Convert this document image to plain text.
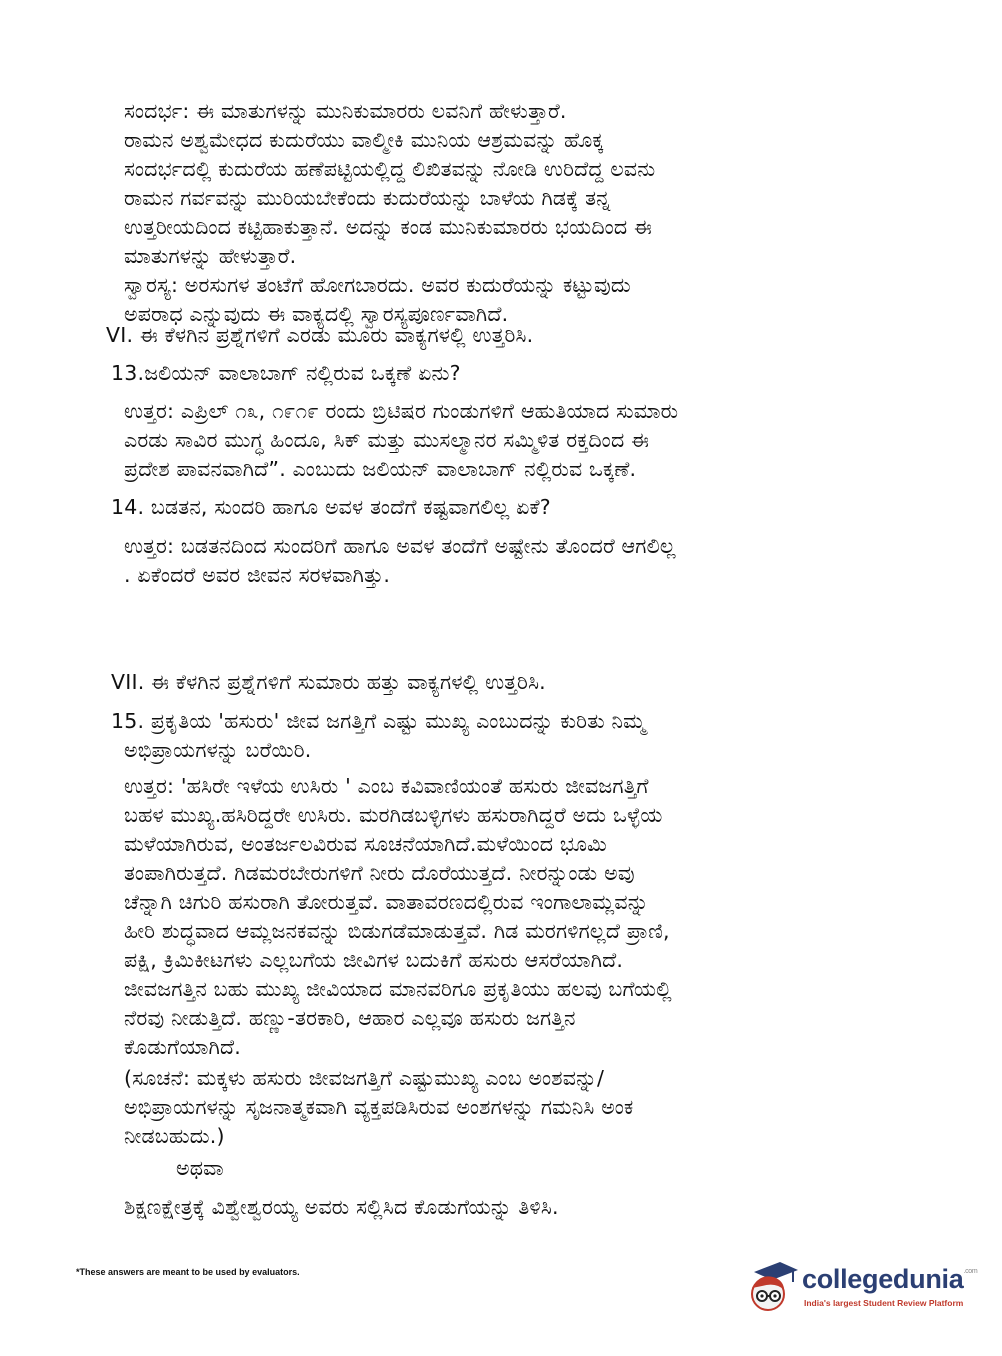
ಸಂದರ್ಭ: ಈ ಮಾತುಗಳನ್ನು ಮುನಿಕುಮಾರರು ಲವನಿಗೆ ಹೇಳುತ್ತಾರೆ.
ರಾಮನ ಅಶ್ವಮೇಧದ ಕುದುರೆಯು ವಾಲ್ಮೀಕಿ ಮುನಿಯ ಆಶ್ರಮವನ್ನು ಹೊಕ್ಕ
ಸಂದರ್ಭದಲ್ಲಿ ಕುದುರೆಯ ಹಣೆಪಟ್ಟಿಯಲ್ಲಿದ್ದ ಲಿಖಿತವನ್ನು ನೋಡಿ ಉರಿದೆದ್ದ ಲವನು
ರಾಮನ ಗರ್ವವನ್ನು ಮುರಿಯಬೇಕೆಂದು ಕುದುರೆಯನ್ನು ಬಾಳೆಯ ಗಿಡಕ್ಕೆ ತನ್ನ
ಉತ್ತರೀಯದಿಂದ ಕಟ್ಟಿಹಾಕುತ್ತಾನೆ. ಅದನ್ನು ಕಂಡ ಮುನಿಕುಮಾರರು ಭಯದಿಂದ ಈ
ಮಾತುಗಳನ್ನು ಹೇಳುತ್ತಾರೆ.
ಸ್ವಾರಸ್ಯ: ಅರಸುಗಳ ತಂಟೆಗೆ ಹೋಗಬಾರದು. ಅವರ ಕುದುರೆಯನ್ನು ಕಟ್ಟುವುದು
ಅಪರಾಧ ಎನ್ನುವುದು ಈ ವಾಕ್ಯದಲ್ಲಿ ಸ್ವಾರಸ್ಯಪೂರ್ಣವಾಗಿದೆ.
VI. ಈ ಕೆಳಗಿನ ಪ್ರಶ್ನೆಗಳಿಗೆ ಎರಡು ಮೂರು ವಾಕ್ಯಗಳಲ್ಲಿ ಉತ್ತರಿಸಿ.
13.ಜಲಿಯನ್ ವಾಲಾಬಾಗ್ ನಲ್ಲಿರುವ ಒಕ್ಕಣೆ ಏನು?
ಉತ್ತರ: ಎಪ್ರಿಲ್ ೧೩, ೧೯೧೯ ರಂದು ಬ್ರಿಟಿಷರ ಗುಂಡುಗಳಿಗೆ ಆಹುತಿಯಾದ ಸುಮಾರು
ಎರಡು ಸಾವಿರ ಮುಗ್ಧ ಹಿಂದೂ, ಸಿಕ್ ಮತ್ತು ಮುಸಲ್ಮಾನರ ಸಮ್ಮಿಳಿತ ರಕ್ತದಿಂದ ಈ
ಪ್ರದೇಶ ಪಾವನವಾಗಿದೆ”. ಎಂಬುದು ಜಲಿಯನ್ ವಾಲಾಬಾಗ್ ನಲ್ಲಿರುವ ಒಕ್ಕಣೆ.
14. ಬಡತನ, ಸುಂದರಿ ಹಾಗೂ ಅವಳ ತಂದೆಗೆ ಕಷ್ಟವಾಗಲಿಲ್ಲ ಏಕೆ?
ಉತ್ತರ: ಬಡತನದಿಂದ ಸುಂದರಿಗೆ ಹಾಗೂ ಅವಳ ತಂದೆಗೆ ಅಷ್ಟೇನು ತೊಂದರೆ ಆಗಲಿಲ್ಲ
. ಏಕೆಂದರೆ ಅವರ ಜೀವನ ಸರಳವಾಗಿತ್ತು.
VII. ಈ ಕೆಳಗಿನ ಪ್ರಶ್ನೆಗಳಿಗೆ ಸುಮಾರು ಹತ್ತು ವಾಕ್ಯಗಳಲ್ಲಿ ಉತ್ತರಿಸಿ.
15. ಪ್ರಕೃತಿಯ 'ಹಸುರು' ಜೀವ ಜಗತ್ತಿಗೆ ಎಷ್ಟು ಮುಖ್ಯ ಎಂಬುದನ್ನು ಕುರಿತು ನಿಮ್ಮ
ಅಭಿಪ್ರಾಯಗಳನ್ನು ಬರೆಯಿರಿ.
ಉತ್ತರ: 'ಹಸಿರೇ ಇಳೆಯ ಉಸಿರು ' ಎಂಬ ಕವಿವಾಣಿಯಂತೆ ಹಸುರು ಜೀವಜಗತ್ತಿಗೆ
ಬಹಳ ಮುಖ್ಯ.ಹಸಿರಿದ್ದರೇ ಉಸಿರು. ಮರಗಿಡಬಳ್ಳಿಗಳು ಹಸುರಾಗಿದ್ದರೆ ಅದು ಒಳ್ಳೆಯ
ಮಳೆಯಾಗಿರುವ, ಅಂತರ್ಜಲವಿರುವ ಸೂಚನೆಯಾಗಿದೆ.ಮಳೆಯಿಂದ ಭೂಮಿ
ತಂಪಾಗಿರುತ್ತದೆ. ಗಿಡಮರಬೇರುಗಳಿಗೆ ನೀರು ದೊರೆಯುತ್ತದೆ. ನೀರನ್ನುಂಡು ಅವು
ಚೆನ್ನಾಗಿ ಚಿಗುರಿ ಹಸುರಾಗಿ ತೋರುತ್ತವೆ. ವಾತಾವರಣದಲ್ಲಿರುವ ಇಂಗಾಲಾಮ್ಲವನ್ನು
ಹೀರಿ ಶುದ್ಧವಾದ ಆಮ್ಲಜನಕವನ್ನು ಬಿಡುಗಡೆಮಾಡುತ್ತವೆ. ಗಿಡ ಮರಗಳಿಗಲ್ಲದೆ ಪ್ರಾಣಿ,
ಪಕ್ಷಿ, ಕ್ರಿಮಿಕೀಟಗಳು ಎಲ್ಲಬಗೆಯ ಜೀವಿಗಳ ಬದುಕಿಗೆ ಹಸುರು ಆಸರೆಯಾಗಿದೆ.
ಜೀವಜಗತ್ತಿನ ಬಹು ಮುಖ್ಯ ಜೀವಿಯಾದ ಮಾನವರಿಗೂ ಪ್ರಕೃತಿಯು ಹಲವು ಬಗೆಯಲ್ಲಿ
ನೆರವು ನೀಡುತ್ತಿದೆ. ಹಣ್ಣು-ತರಕಾರಿ, ಆಹಾರ ಎಲ್ಲವೂ ಹಸುರು ಜಗತ್ತಿನ
ಕೊಡುಗೆಯಾಗಿದೆ.
(ಸೂಚನೆ: ಮಕ್ಕಳು ಹಸುರು ಜೀವಜಗತ್ತಿಗೆ ಎಷ್ಟುಮುಖ್ಯ ಎಂಬ ಅಂಶವನ್ನು/
ಅಭಿಪ್ರಾಯಗಳನ್ನು ಸೃಜನಾತ್ಮಕವಾಗಿ ವ್ಯಕ್ತಪಡಿಸಿರುವ ಅಂಶಗಳನ್ನು ಗಮನಿಸಿ ಅಂಕ
ನೀಡಬಹುದು.)
ಅಥವಾ
ಶಿಕ್ಷಣಕ್ಷೇತ್ರಕ್ಕೆ ವಿಶ್ವೇಶ್ವರಯ್ಯ ಅವರು ಸಲ್ಲಿಸಿದ ಕೊಡುಗೆಯನ್ನು ತಿಳಿಸಿ.
*These answers are meant to be used by evaluators.	collegedunia$^{.com}$
India's largest Student Review Platform
